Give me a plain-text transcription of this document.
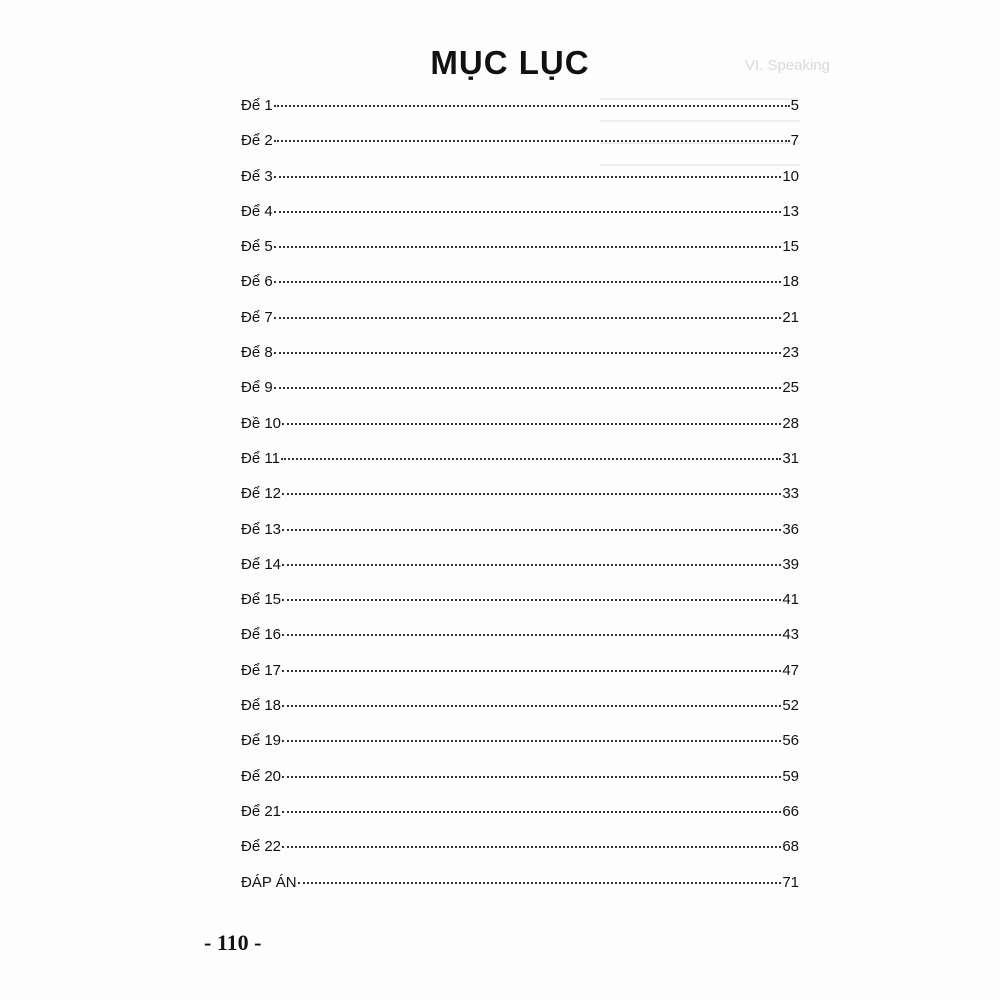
VI. Speaking
MỤC LỤC
Để 1	5
Để 2	7
Để 3	10
Để 4	13
Để 5	15
Để 6	18
Để 7	21
Để 8	23
Để 9	25
Đề 10	28
Để 11	31
Để 12	33
Để 13	36
Để 14	39
Để 15	41
Để 16	43
Để 17	47
Để 18	52
Để 19	56
Để 20	59
Để 21	66
Để 22	68
ĐÁP ÁN	71
- 110 -
